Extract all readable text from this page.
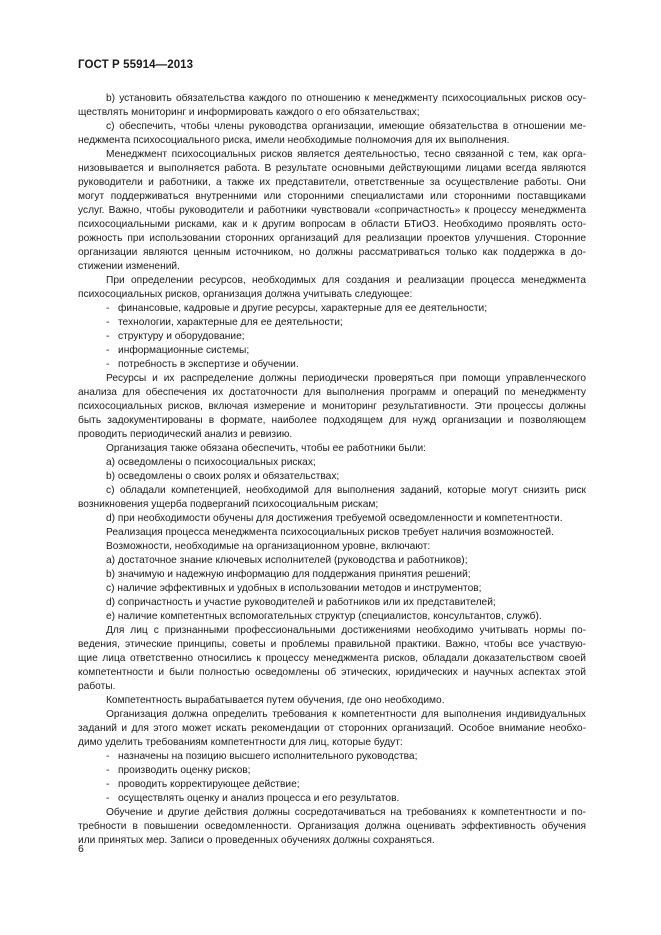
ГОСТ Р 55914—2013
b) установить обязательства каждого по отношению к менеджменту психосоциальных рисков осу-
ществлять мониторинг и информировать каждого о его обязательствах;
c) обеспечить, чтобы члены руководства организации, имеющие обязательства в отношении ме-
неджмента психосоциального риска, имели необходимые полномочия для их выполнения.
Менеджмент психосоциальных рисков является деятельностью, тесно связанной с тем, как орга-
низовывается и выполняется работа. В результате основными действующими лицами всегда являются
руководители и работники, а также их представители, ответственные за осуществление работы. Они
могут поддерживаться внутренними или сторонними специалистами или сторонними поставщиками
услуг. Важно, чтобы руководители и работники чувствовали «сопричастность» к процессу менеджмента
психосоциальными рисками, как и к другим вопросам в области БТиОЗ. Необходимо проявлять осто-
рожность при использовании сторонних организаций для реализации проектов улучшения. Сторонние
организации являются ценным источником, но должны рассматриваться только как поддержка в до-
стижении изменений.
При определении ресурсов, необходимых для создания и реализации процесса менеджмента
психосоциальных рисков, организация должна учитывать следующее:
- финансовые, кадровые и другие ресурсы, характерные для ее деятельности;
- технологии, характерные для ее деятельности;
- структуру и оборудование;
- информационные системы;
- потребность в экспертизе и обучении.
Ресурсы и их распределение должны периодически проверяться при помощи управленческого
анализа для обеспечения их достаточности для выполнения программ и операций по менеджменту
психосоциальных рисков, включая измерение и мониторинг результативности. Эти процессы должны
быть задокументированы в формате, наиболее подходящем для нужд организации и позволяющем
проводить периодический анализ и ревизию.
Организация также обязана обеспечить, чтобы ее работники были:
a) осведомлены о психосоциальных рисках;
b) осведомлены о своих ролях и обязательствах;
c) обладали компетенцией, необходимой для выполнения заданий, которые могут снизить риск
возникновения ущерба подверганий психосоциальным рискам;
d) при необходимости обучены для достижения требуемой осведомленности и компетентности.
Реализация процесса менеджмента психосоциальных рисков требует наличия возможностей.
Возможности, необходимые на организационном уровне, включают:
a) достаточное знание ключевых исполнителей (руководства и работников);
b) значимую и надежную информацию для поддержания принятия решений;
c) наличие эффективных и удобных в использовании методов и инструментов;
d) сопричастность и участие руководителей и работников или их представителей;
e) наличие компетентных вспомогательных структур (специалистов, консультантов, служб).
Для лиц с признанными профессиональными достижениями необходимо учитывать нормы по-
ведения, этические принципы, советы и проблемы правильной практики. Важно, чтобы все участвую-
щие лица ответственно относились к процессу менеджмента рисков, обладали доказательством своей
компетентности и были полностью осведомлены об этических, юридических и научных аспектах этой
работы.
Компетентность вырабатывается путем обучения, где оно необходимо.
Организация должна определить требования к компетентности для выполнения индивидуальных
заданий и для этого может искать рекомендации от сторонних организаций. Особое внимание необхо-
димо уделить требованиям компетентности для лиц, которые будут:
- назначены на позицию высшего исполнительного руководства;
- производить оценку рисков;
- проводить корректирующее действие;
- осуществлять оценку и анализ процесса и его результатов.
Обучение и другие действия должны сосредотачиваться на требованиях к компетентности и по-
требности в повышении осведомленности. Организация должна оценивать эффективность обучения
или принятых мер. Записи о проведенных обучениях должны сохраняться.
6
